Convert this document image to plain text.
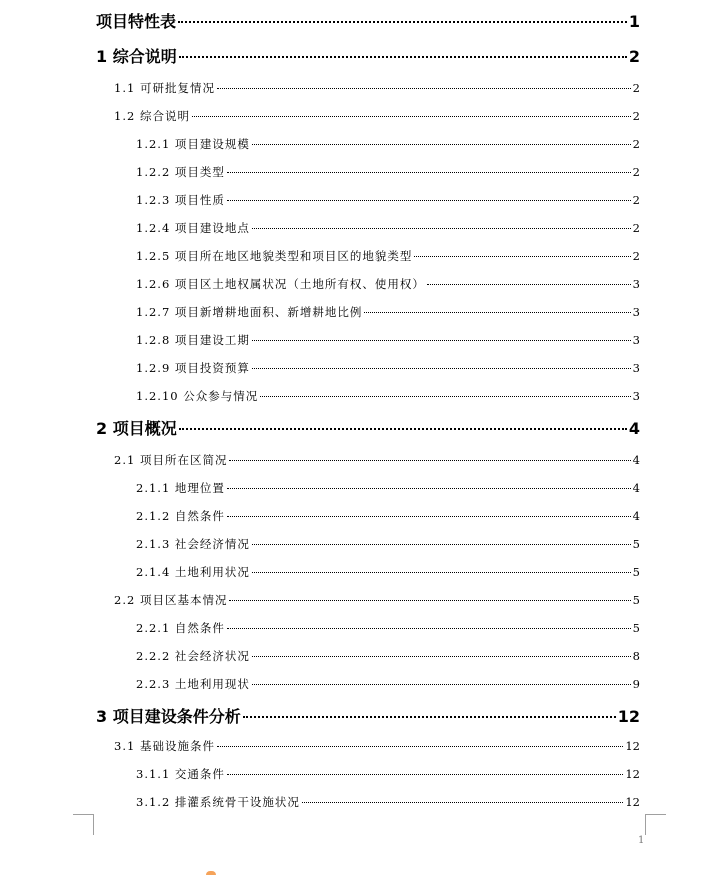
项目特性表	1
1 综合说明	2
1.1 可研批复情况	2
1.2 综合说明	2
1.2.1 项目建设规模	2
1.2.2 项目类型	2
1.2.3 项目性质	2
1.2.4 项目建设地点	2
1.2.5 项目所在地区地貌类型和项目区的地貌类型	2
1.2.6 项目区土地权属状况（土地所有权、使用权）	3
1.2.7 项目新增耕地面积、新增耕地比例	3
1.2.8 项目建设工期	3
1.2.9 项目投资预算	3
1.2.10 公众参与情况	3
2 项目概况	4
2.1 项目所在区简况	4
2.1.1 地理位置	4
2.1.2 自然条件	4
2.1.3 社会经济情况	5
2.1.4 土地利用状况	5
2.2 项目区基本情况	5
2.2.1 自然条件	5
2.2.2 社会经济状况	8
2.2.3 土地利用现状	9
3 项目建设条件分析	12
3.1 基础设施条件	12
3.1.1 交通条件	12
3.1.2 排灌系统骨干设施状况	12
1
